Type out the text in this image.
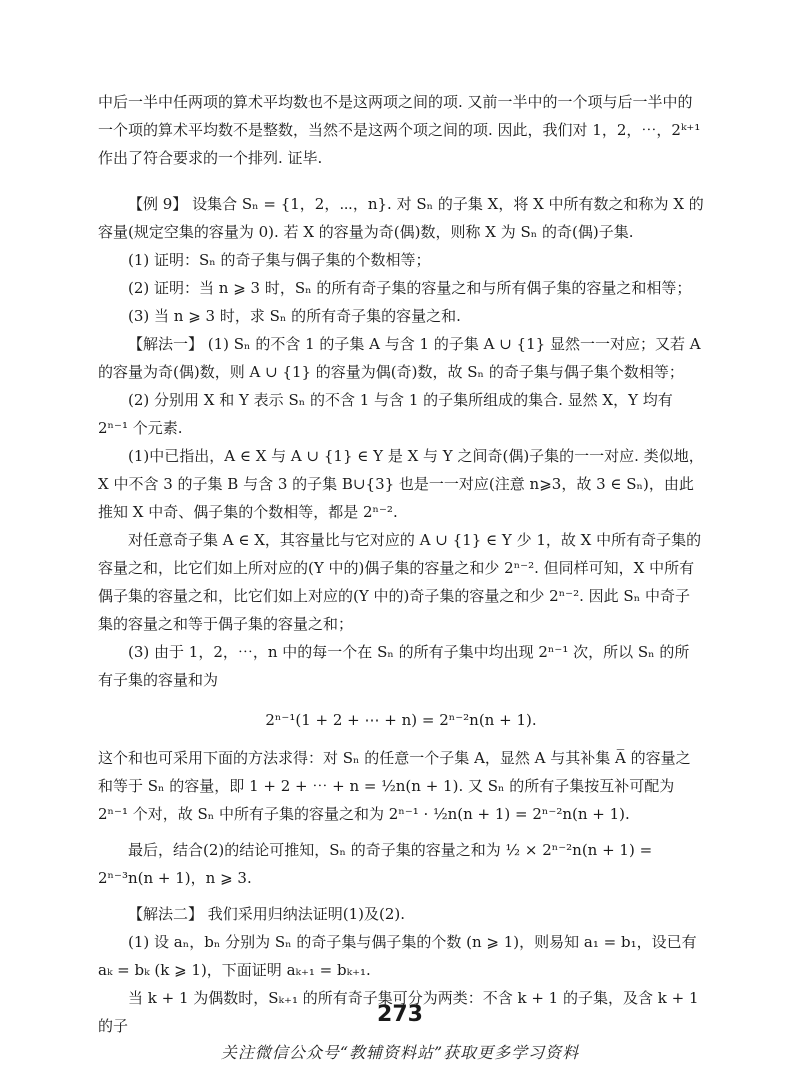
中后一半中任两项的算术平均数也不是这两项之间的项. 又前一半中的一个项与后一半中的一个项的算术平均数不是整数，当然不是这两个项之间的项. 因此，我们对 1，2，⋯，2ᵏ⁺¹ 作出了符合要求的一个排列. 证毕.

【例 9】 设集合 Sₙ = {1，2，⋯，n}. 对 Sₙ 的子集 X，将 X 中所有数之和称为 X 的容量(规定空集的容量为 0). 若 X 的容量为奇(偶)数，则称 X 为 Sₙ 的奇(偶)子集.

(1) 证明：Sₙ 的奇子集与偶子集的个数相等；

(2) 证明：当 n ⩾ 3 时，Sₙ 的所有奇子集的容量之和与所有偶子集的容量之和相等；

(3) 当 n ⩾ 3 时，求 Sₙ 的所有奇子集的容量之和.

【解法一】 (1) Sₙ 的不含 1 的子集 A 与含 1 的子集 A ∪ {1} 显然一一对应；又若 A 的容量为奇(偶)数，则 A ∪ {1} 的容量为偶(奇)数，故 Sₙ 的奇子集与偶子集个数相等；

(2) 分别用 X 和 Y 表示 Sₙ 的不含 1 与含 1 的子集所组成的集合. 显然 X，Y 均有 2ⁿ⁻¹ 个元素.

(1)中已指出，A ∈ X 与 A ∪ {1} ∈ Y 是 X 与 Y 之间奇(偶)子集的一一对应. 类似地，X 中不含 3 的子集 B 与含 3 的子集 B∪{3} 也是一一对应(注意 n⩾3，故 3 ∈ Sₙ)，由此推知 X 中奇、偶子集的个数相等，都是 2ⁿ⁻².

对任意奇子集 A ∈ X，其容量比与它对应的 A ∪ {1} ∈ Y 少 1，故 X 中所有奇子集的容量之和，比它们如上所对应的(Y 中的)偶子集的容量之和少 2ⁿ⁻². 但同样可知，X 中所有偶子集的容量之和，比它们如上对应的(Y 中的)奇子集的容量之和少 2ⁿ⁻². 因此 Sₙ 中奇子集的容量之和等于偶子集的容量之和；

(3) 由于 1，2，⋯，n 中的每一个在 Sₙ 的所有子集中均出现 2ⁿ⁻¹ 次，所以 Sₙ 的所有子集的容量和为

2ⁿ⁻¹(1 + 2 + ⋯ + n) = 2ⁿ⁻²n(n + 1).

这个和也可采用下面的方法求得：对 Sₙ 的任意一个子集 A，显然 A 与其补集 A̅ 的容量之和等于 Sₙ 的容量，即 1 + 2 + ⋯ + n = ½n(n + 1). 又 Sₙ 的所有子集按互补可配为 2ⁿ⁻¹ 个对，故 Sₙ 中所有子集的容量之和为 2ⁿ⁻¹ · ½n(n + 1) = 2ⁿ⁻²n(n + 1).

最后，结合(2)的结论可推知，Sₙ 的奇子集的容量之和为 ½ × 2ⁿ⁻²n(n + 1) = 2ⁿ⁻³n(n + 1)，n ⩾ 3.

【解法二】 我们采用归纳法证明(1)及(2).

(1) 设 aₙ，bₙ 分别为 Sₙ 的奇子集与偶子集的个数 (n ⩾ 1)，则易知 a₁ = b₁，设已有 aₖ = bₖ (k ⩾ 1)，下面证明 aₖ₊₁ = bₖ₊₁.

当 k + 1 为偶数时，Sₖ₊₁ 的所有奇子集可分为两类：不含 k + 1 的子集，及含 k + 1 的子	273
关注微信公众号“教辅资料站”获取更多学习资料
